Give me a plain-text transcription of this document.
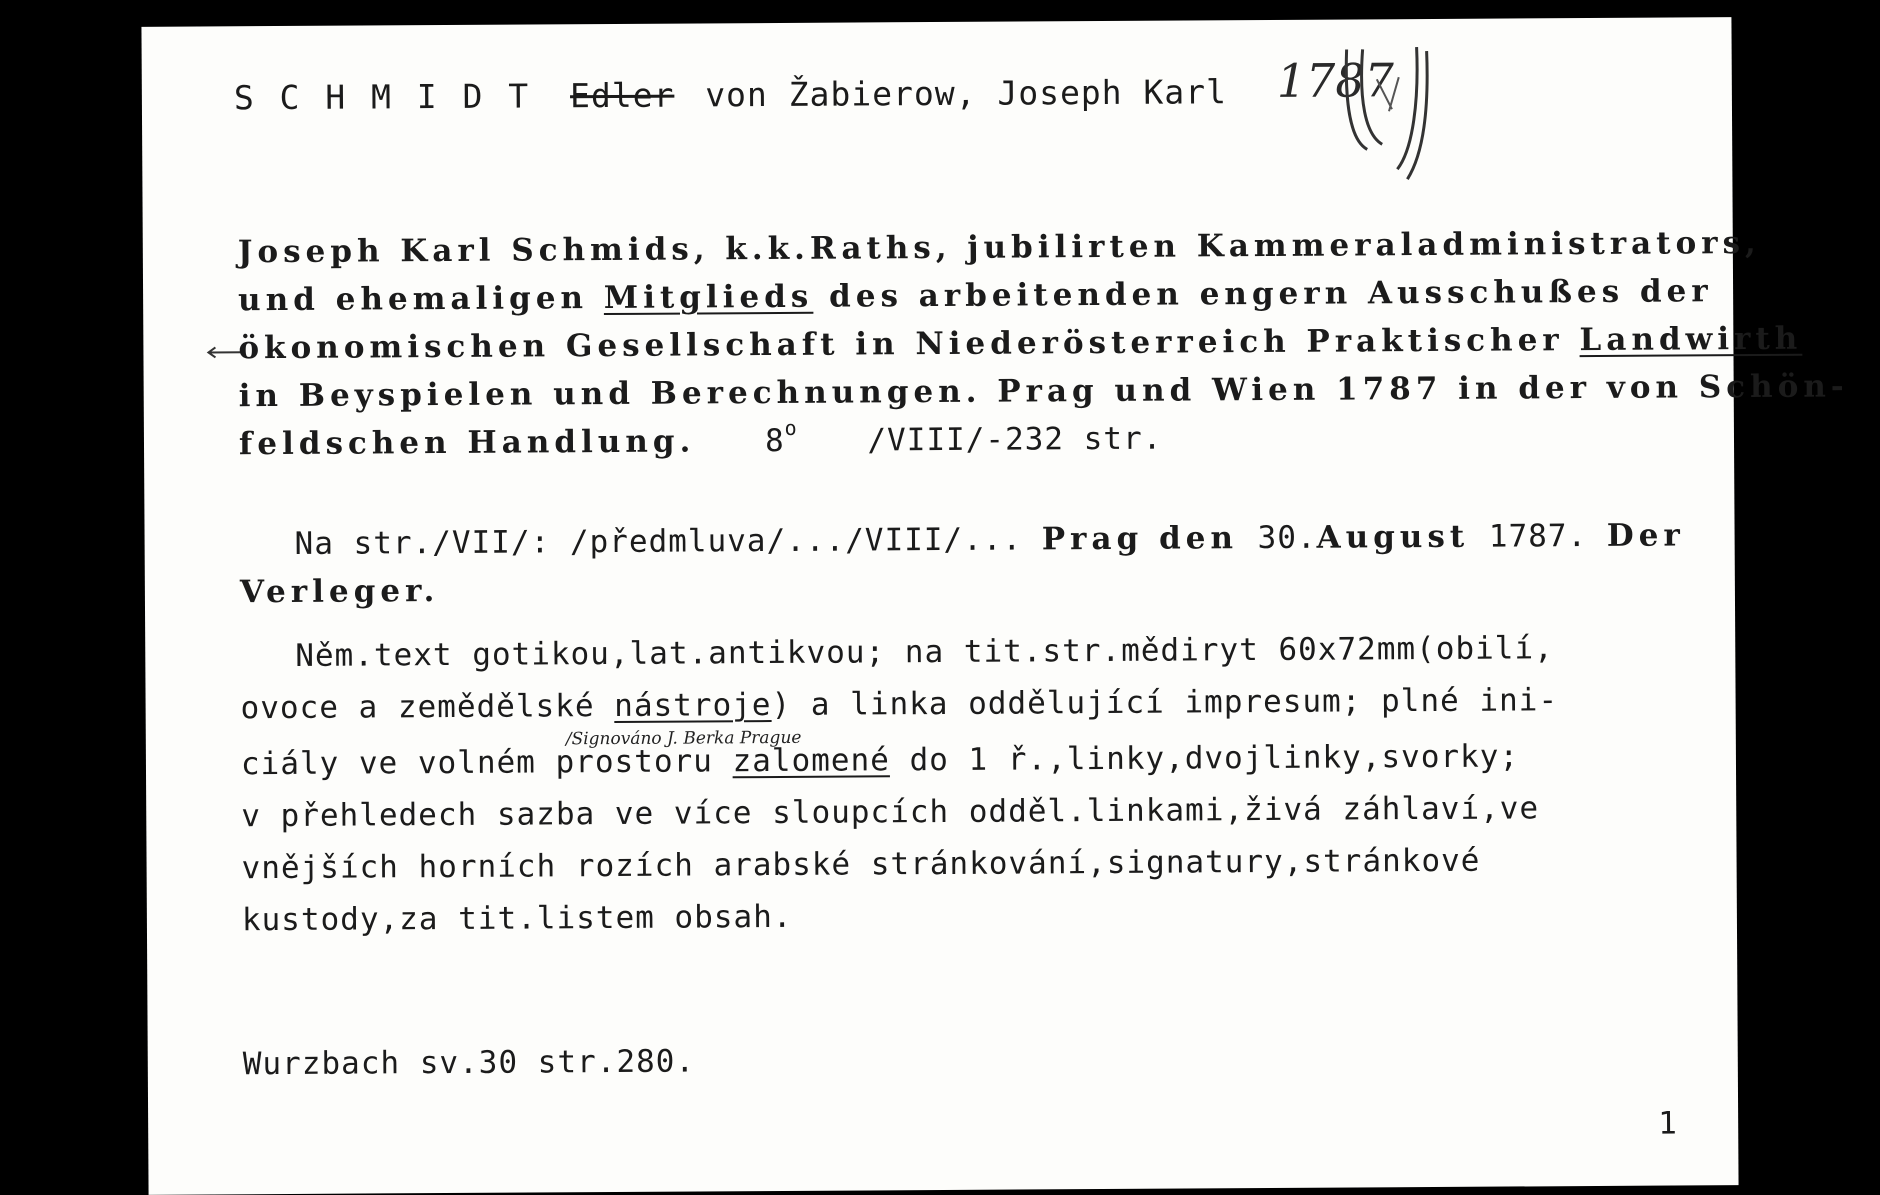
S C H M I D T Edler von Žabierow, Joseph Karl 1787
Joseph Karl Schmids, k.k.Raths, jubilirten Kammeraladministrators,
und ehemaligen Mitglieds des arbeitenden engern Ausschußes der
ökonomischen Gesellschaft in Niederösterreich Praktischer Landwirth
in Beyspielen und Berechnungen. Prag und Wien 1787 in der von Schön-
feldschen Handlung. 8$^o$ /VIII/-232 str.
Na str./VII/: /předmluva/.../VIII/... Prag den 30.August 1787. Der
Verleger.
Něm.text gotikou,lat.antikvou; na tit.str.mědiryt 60x72mm(obilí,
ovoce a zemědělské nástroje) a linka oddělující impresum; plné ini-
/Signováno J. Berka Prague
ciály ve volném prostoru zalomené do 1 ř.,linky,dvojlinky,svorky;
v přehledech sazba ve více sloupcích odděl.linkami,živá záhlaví,ve
vnějších horních rozích arabské stránkování,signatury,stránkové
kustody,za tit.listem obsah.
Wurzbach sv.30 str.280.
1
